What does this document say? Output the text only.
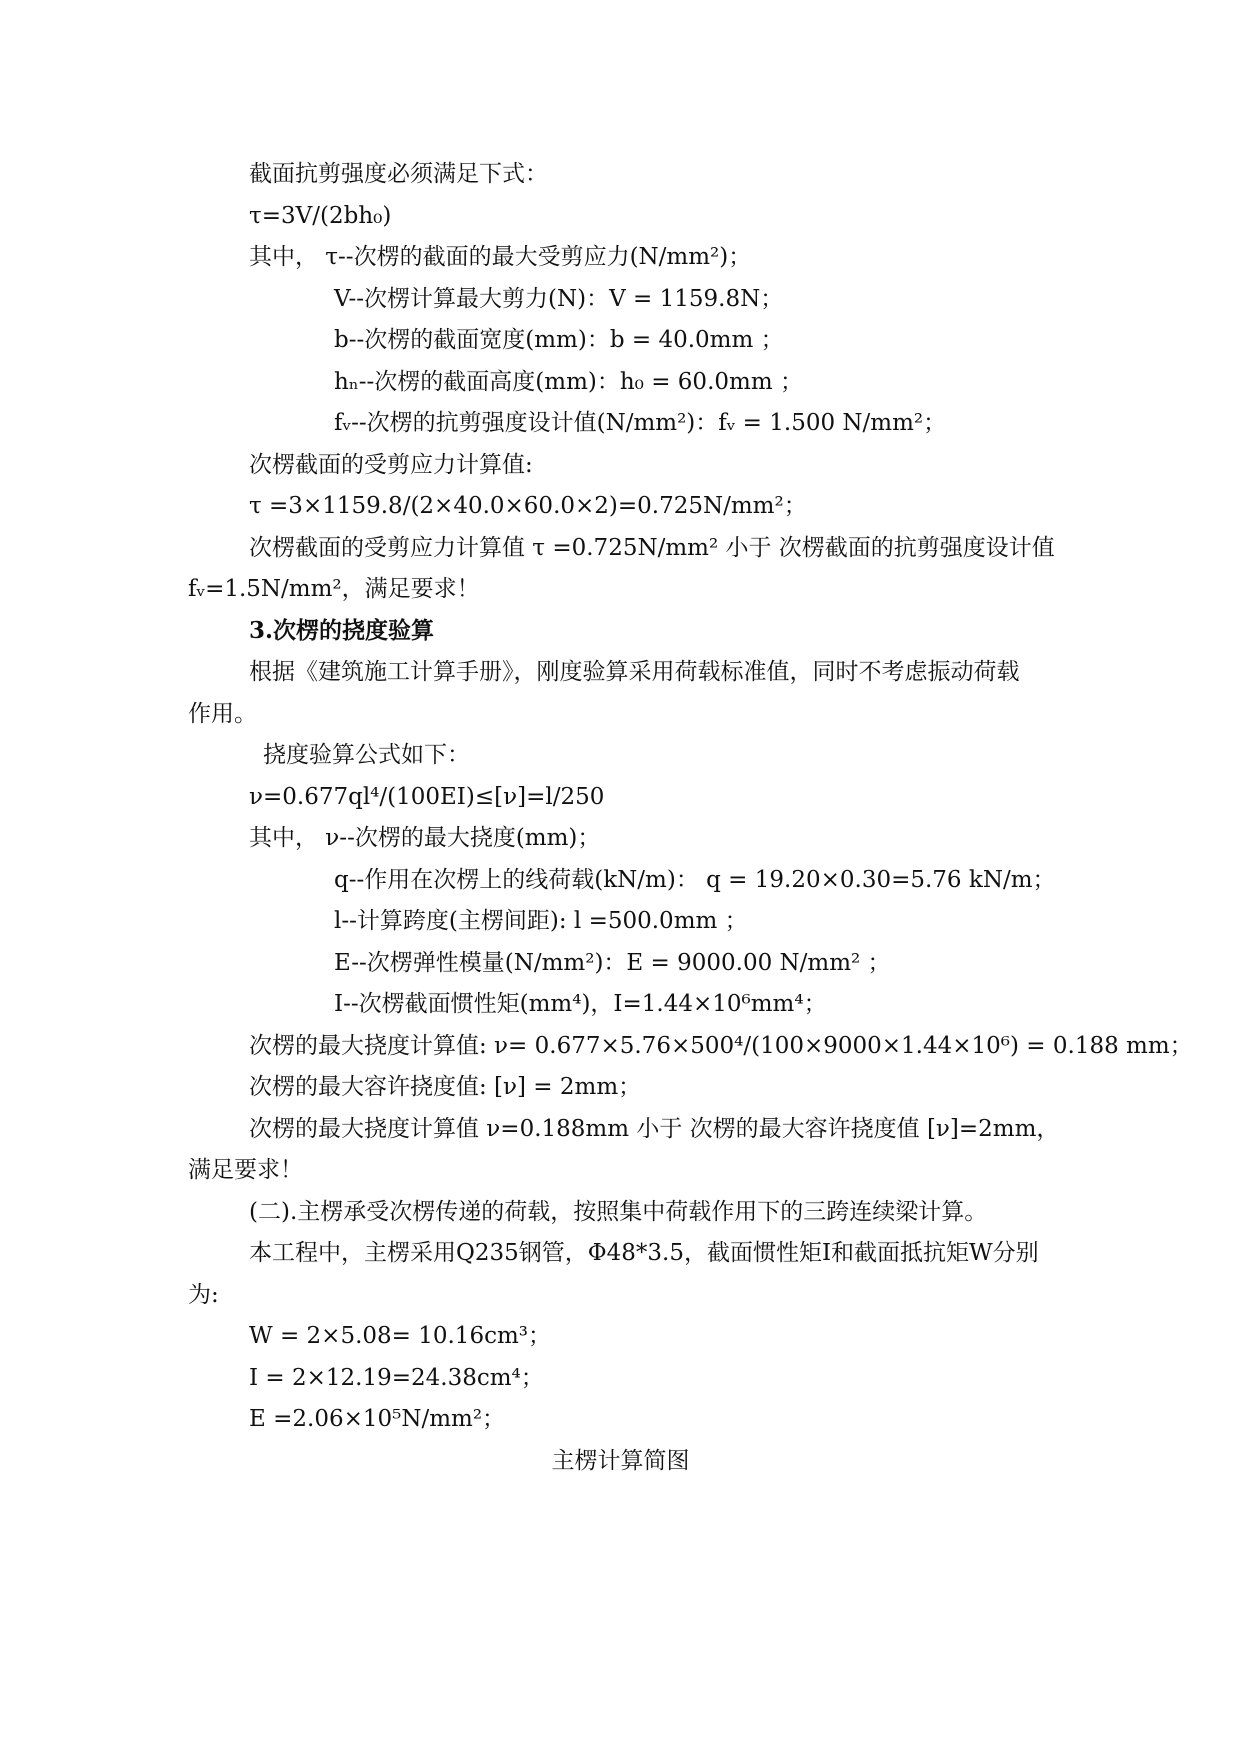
截面抗剪强度必须满足下式：
τ=3V/(2bh₀)
其中， τ--次楞的截面的最大受剪应力(N/mm²)；
V--次楞计算最大剪力(N)：V = 1159.8N；
b--次楞的截面宽度(mm)：b = 40.0mm ；
hₙ--次楞的截面高度(mm)：h₀ = 60.0mm ；
fᵥ--次楞的抗剪强度设计值(N/mm²)：fᵥ = 1.500 N/mm²；
次楞截面的受剪应力计算值:
τ =3×1159.8/(2×40.0×60.0×2)=0.725N/mm²；
次楞截面的受剪应力计算值 τ =0.725N/mm² 小于 次楞截面的抗剪强度设计值
fᵥ=1.5N/mm²，满足要求！
3.次楞的挠度验算
根据《建筑施工计算手册》，刚度验算采用荷载标准值，同时不考虑振动荷载
作用。
挠度验算公式如下：
ν=0.677ql⁴/(100EI)≤[ν]=l/250
其中， ν--次楞的最大挠度(mm)；
q--作用在次楞上的线荷载(kN/m)： q = 19.20×0.30=5.76 kN/m；
l--计算跨度(主楞间距): l =500.0mm ；
E--次楞弹性模量(N/mm²)：E = 9000.00 N/mm² ；
I--次楞截面惯性矩(mm⁴)，I=1.44×10⁶mm⁴；
次楞的最大挠度计算值: ν= 0.677×5.76×500⁴/(100×9000×1.44×10⁶) = 0.188 mm；
次楞的最大容许挠度值: [ν] = 2mm；
次楞的最大挠度计算值 ν=0.188mm 小于 次楞的最大容许挠度值 [ν]=2mm，
满足要求！
(二).主楞承受次楞传递的荷载，按照集中荷载作用下的三跨连续梁计算。
本工程中，主楞采用Q235钢管，Φ48*3.5，截面惯性矩I和截面抵抗矩W分别
为:
W = 2×5.08= 10.16cm³；
I = 2×12.19=24.38cm⁴；
E =2.06×10⁵N/mm²；
主楞计算简图
